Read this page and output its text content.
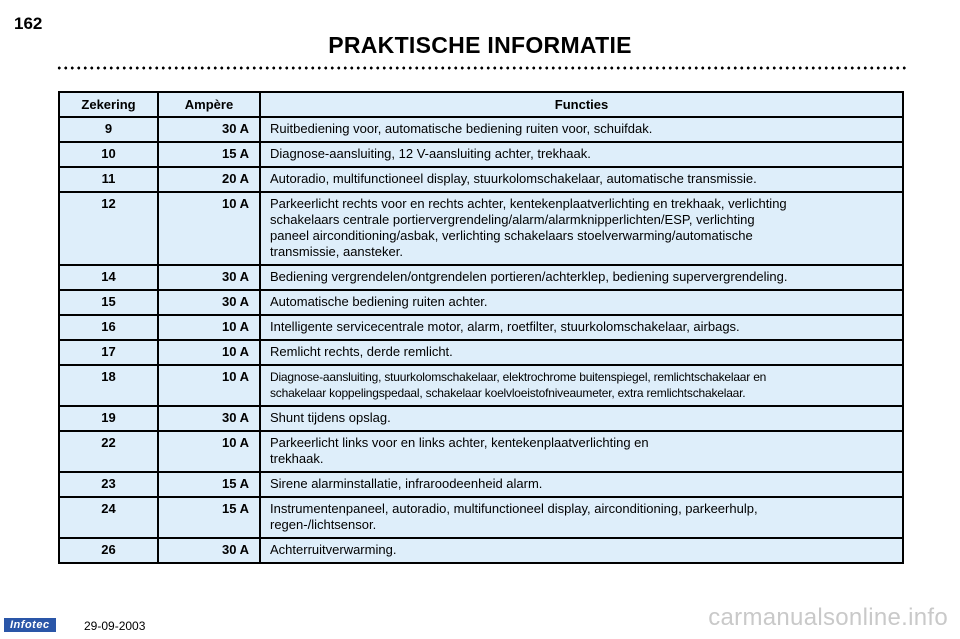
162
PRAKTISCHE INFORMATIE
Zekering	Ampère	Functies
9	30 A	Ruitbediening voor, automatische bediening ruiten voor, schuifdak.

10	15 A	Diagnose-aansluiting, 12 V-aansluiting achter, trekhaak.

11	20 A	Autoradio, multifunctioneel display, stuurkolomschakelaar, automatische transmissie.

12	10 A	Parkeerlicht rechts voor en rechts achter, kentekenplaatverlichting en trekhaak, verlichting
schakelaars centrale portiervergrendeling/alarm/alarmknipperlichten/ESP, verlichting
paneel airconditioning/asbak, verlichting schakelaars stoelverwarming/automatische
transmissie, aansteker.

14	30 A	Bediening vergrendelen/ontgrendelen portieren/achterklep, bediening supervergrendeling.

15	30 A	Automatische bediening ruiten achter.

16	10 A	Intelligente servicecentrale motor, alarm, roetfilter, stuurkolomschakelaar, airbags.

17	10 A	Remlicht rechts, derde remlicht.

18	10 A	Diagnose-aansluiting, stuurkolomschakelaar, elektrochrome buitenspiegel, remlichtschakelaar en
schakelaar koppelingspedaal, schakelaar koelvloeistofniveaumeter, extra remlichtschakelaar.

19	30 A	Shunt tijdens opslag.

22	10 A	Parkeerlicht links voor en links achter, kentekenplaatverlichting en
trekhaak.

23	15 A	Sirene alarminstallatie, infraroodeenheid alarm.

24	15 A	Instrumentenpaneel, autoradio, multifunctioneel display, airconditioning, parkeerhulp,
regen-/lichtsensor.

26	30 A	Achterruitverwarming.
Infotec	29-09-2003	carmanualsonline.info
